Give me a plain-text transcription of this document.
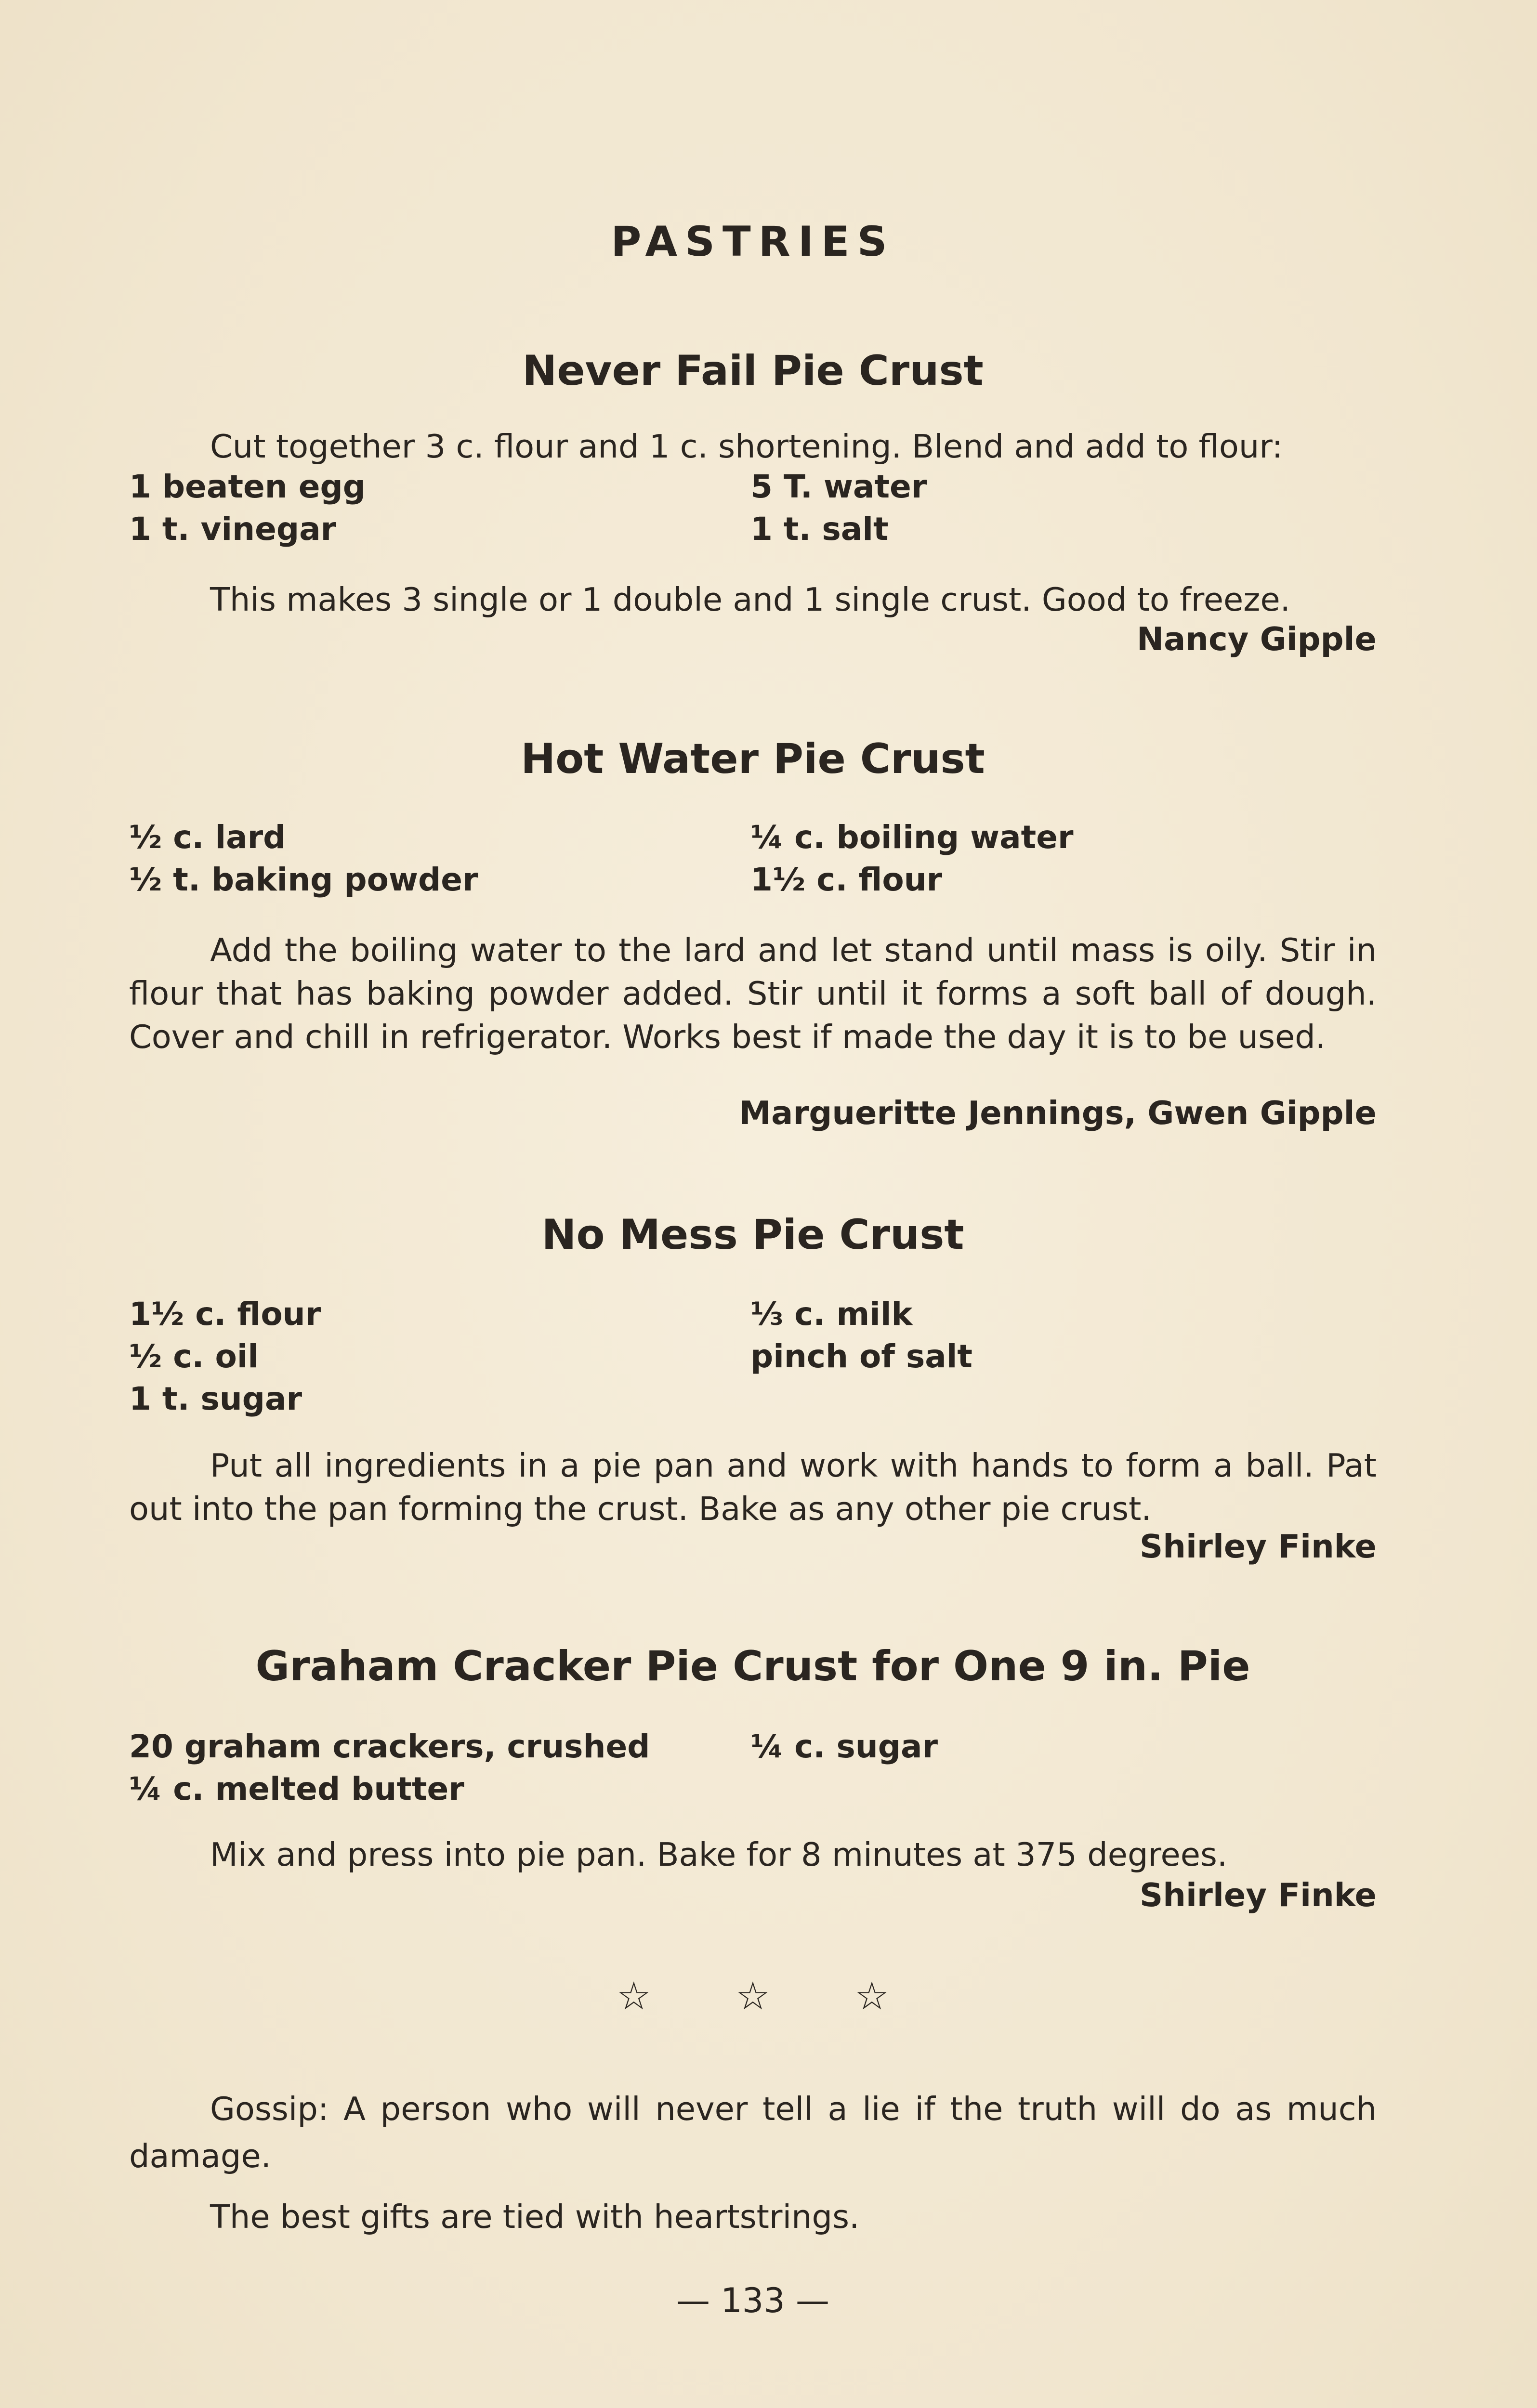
PASTRIES
Never Fail Pie Crust

Cut together 3 c. flour and 1 c. shortening. Blend and add to flour:

1 beaten egg	5 T. water
1 t. vinegar	1 t. salt

This makes 3 single or 1 double and 1 single crust. Good to freeze.

Nancy Gipple

Hot Water Pie Crust
½ c. lard	¼ c. boiling water
½ t. baking powder	1½ c. flour

Add the boiling water to the lard and let stand until mass is oily. Stir in flour that has baking powder added. Stir until it forms a soft ball of dough. Cover and chill in refrigerator. Works best if made the day it is to be used.

Margueritte Jennings, Gwen Gipple

No Mess Pie Crust
1½ c. flour	⅓ c. milk
½ c. oil	pinch of salt
1 t. sugar

Put all ingredients in a pie pan and work with hands to form a ball. Pat out into the pan forming the crust. Bake as any other pie crust.

Shirley Finke

Graham Cracker Pie Crust for One 9 in. Pie
20 graham crackers, crushed	¼ c. sugar
¼ c. melted butter

Mix and press into pie pan. Bake for 8 minutes at 375 degrees.

Shirley Finke

☆ ☆ ☆

Gossip: A person who will never tell a lie if the truth will do as much damage.

The best gifts are tied with heartstrings.

— 133 —
